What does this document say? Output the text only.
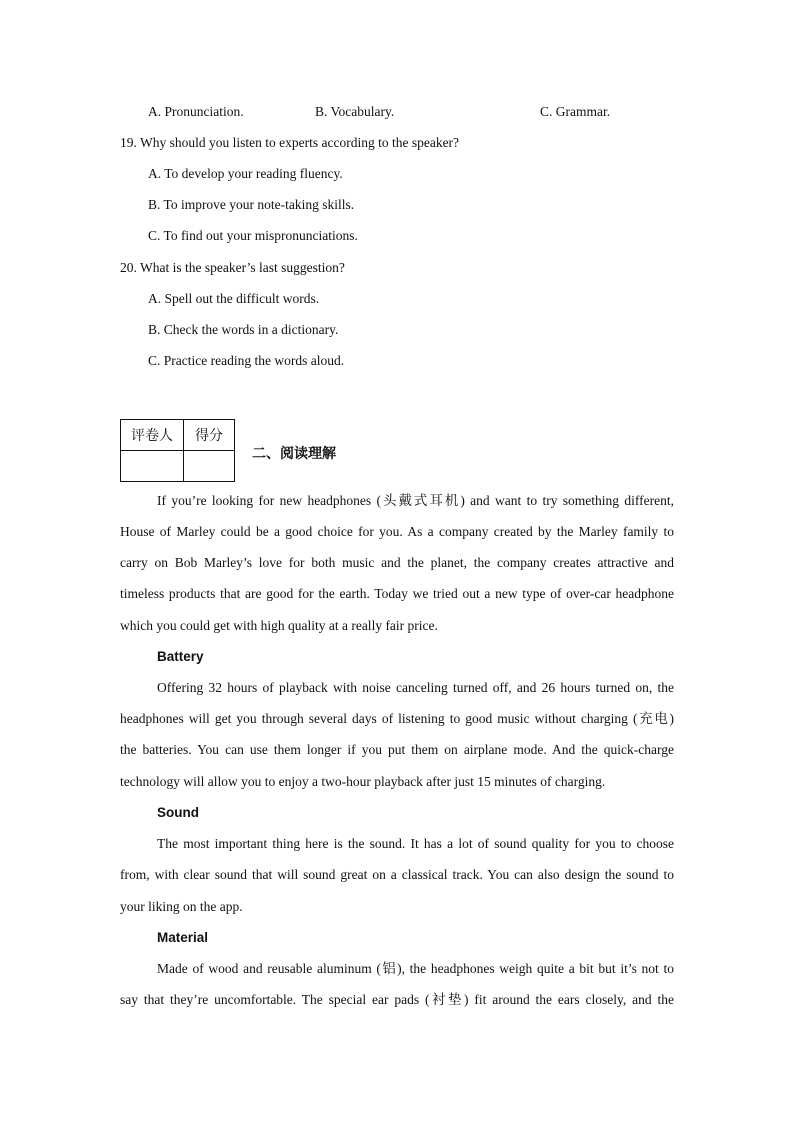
A. Pronunciation.	B. Vocabulary.	C. Grammar.
19. Why should you listen to experts according to the speaker?
A. To develop your reading fluency.
B. To improve your note-taking skills.
C. To find out your mispronunciations.
20. What is the speaker’s last suggestion?
A. Spell out the difficult words.
B. Check the words in a dictionary.
C. Practice reading the words aloud.
评卷人	得分

二、阅读理解
If you’re looking for new headphones (头戴式耳机) and want to try something different,
House of Marley could be a good choice for you. As a company created by the Marley family to
carry on Bob Marley’s love for both music and the planet, the company creates attractive and
timeless products that are good for the earth. Today we tried out a new type of over-car headphone
which you could get with high quality at a really fair price.
Battery
Offering 32 hours of playback with noise canceling turned off, and 26 hours turned on, the
headphones will get you through several days of listening to good music without charging (充电)
the batteries. You can use them longer if you put them on airplane mode. And the quick-charge
technology will allow you to enjoy a two-hour playback after just 15 minutes of charging.
Sound
The most important thing here is the sound. It has a lot of sound quality for you to choose
from, with clear sound that will sound great on a classical track. You can also design the sound to
your liking on the app.
Material
Made of wood and reusable aluminum (铝), the headphones weigh quite a bit but it’s not to
say that they’re uncomfortable. The special ear pads (衬垫) fit around the ears closely, and the
